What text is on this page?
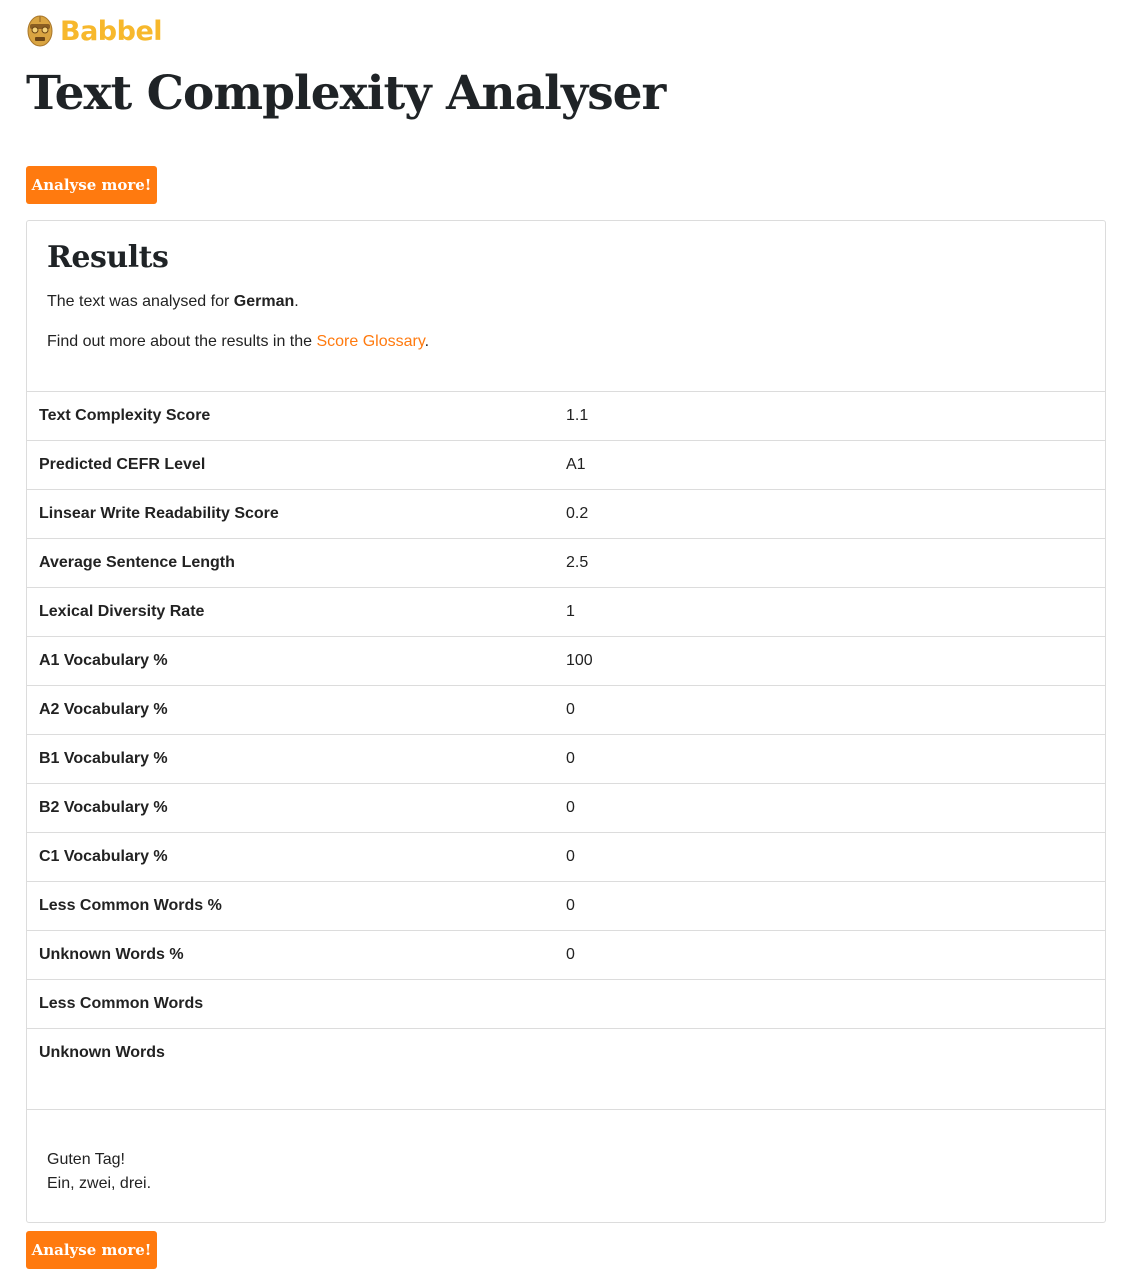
Babbel
Text Complexity Analyser
Analyse more!
Results

The text was analysed for German.

Find out more about the results in the Score Glossary.

Text Complexity Score	1.1
Predicted CEFR Level	A1
Linsear Write Readability Score	0.2
Average Sentence Length	2.5
Lexical Diversity Rate	1
A1 Vocabulary %	100
A2 Vocabulary %	0
B1 Vocabulary %	0
B2 Vocabulary %	0
C1 Vocabulary %	0
Less Common Words %	0
Unknown Words %	0
Less Common Words
Unknown Words
Guten Tag!
Ein, zwei, drei.
Analyse more!
